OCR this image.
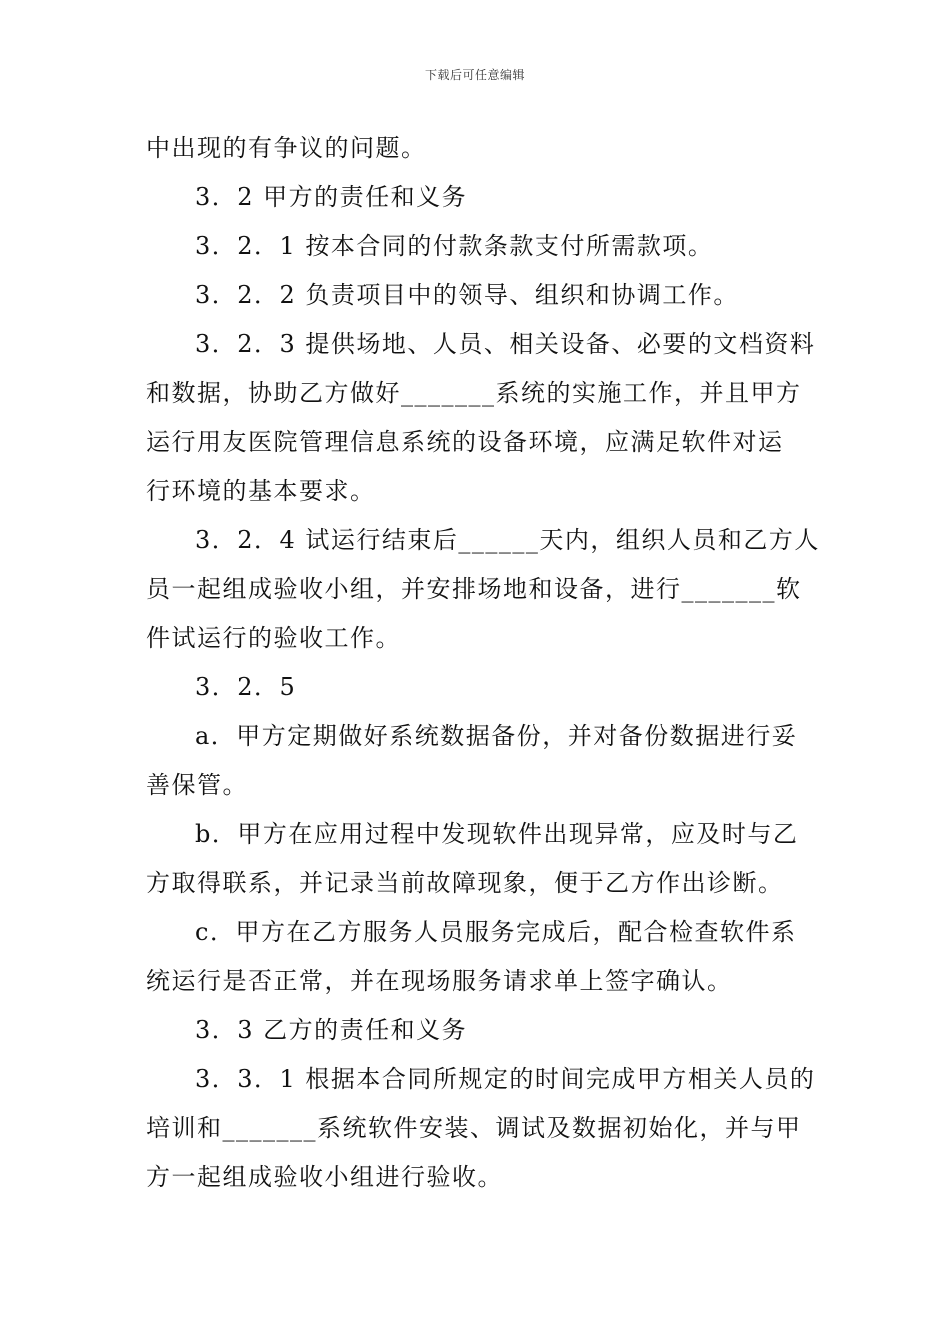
下载后可任意编辑
中出现的有争议的问题。
3．2 甲方的责任和义务
3．2．1 按本合同的付款条款支付所需款项。
3．2．2 负责项目中的领导、组织和协调工作。
3．2．3 提供场地、人员、相关设备、必要的文档资料
和数据，协助乙方做好_______系统的实施工作，并且甲方
运行用友医院管理信息系统的设备环境，应满足软件对运
行环境的基本要求。
3．2．4 试运行结束后______天内，组织人员和乙方人
员一起组成验收小组，并安排场地和设备，进行_______软
件试运行的验收工作。
3．2．5
a．甲方定期做好系统数据备份，并对备份数据进行妥
善保管。
b．甲方在应用过程中发现软件出现异常，应及时与乙
方取得联系，并记录当前故障现象，便于乙方作出诊断。
c．甲方在乙方服务人员服务完成后，配合检查软件系
统运行是否正常，并在现场服务请求单上签字确认。
3．3 乙方的责任和义务
3．3．1 根据本合同所规定的时间完成甲方相关人员的
培训和_______系统软件安装、调试及数据初始化，并与甲
方一起组成验收小组进行验收。
